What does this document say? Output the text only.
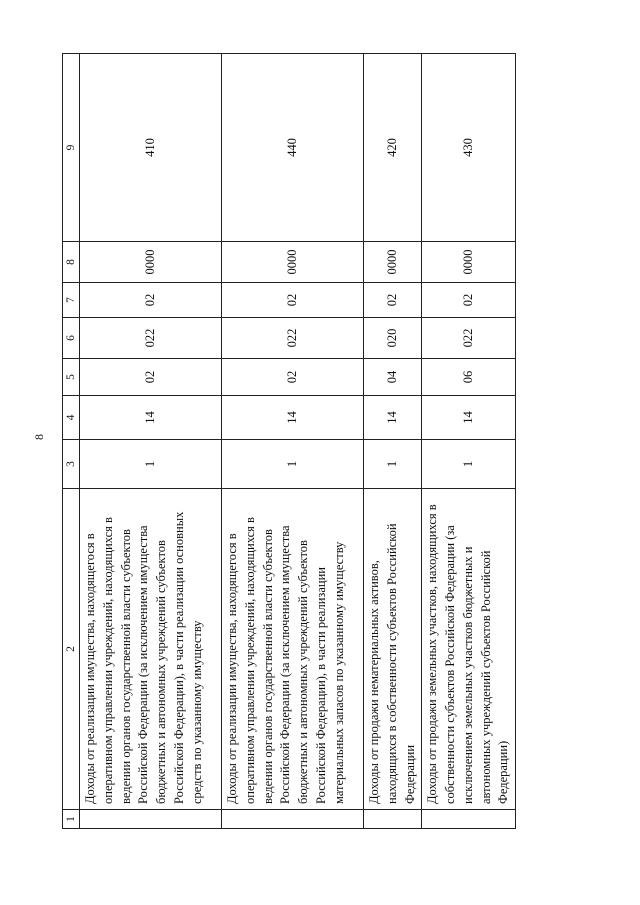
8
1	2	3	4	5	6	7	8	9
	Доходы от реализации имущества, находящегося в оперативном управлении учреждений, находящихся в ведении органов государственной власти субъектов Российской Федерации (за исключением имущества бюджетных и автономных учреждений субъектов Российской Федерации), в части реализации основных средств по указанному имуществу	1	14	02	022	02	0000	410
	Доходы от реализации имущества, находящегося в оперативном управлении учреждений, находящихся в ведении органов государственной власти субъектов Российской Федерации (за исключением имущества бюджетных и автономных учреждений субъектов Российской Федерации), в части реализации материальных запасов по указанному имуществу	1	14	02	022	02	0000	440
	Доходы от продажи нематериальных активов, находящихся в собственности субъектов Российской Федерации	1	14	04	020	02	0000	420
	Доходы от продажи земельных участков, находящихся в собственности субъектов Российской Федерации (за исключением земельных участков бюджетных и автономных учреждений субъектов Российской Федерации)	1	14	06	022	02	0000	430
